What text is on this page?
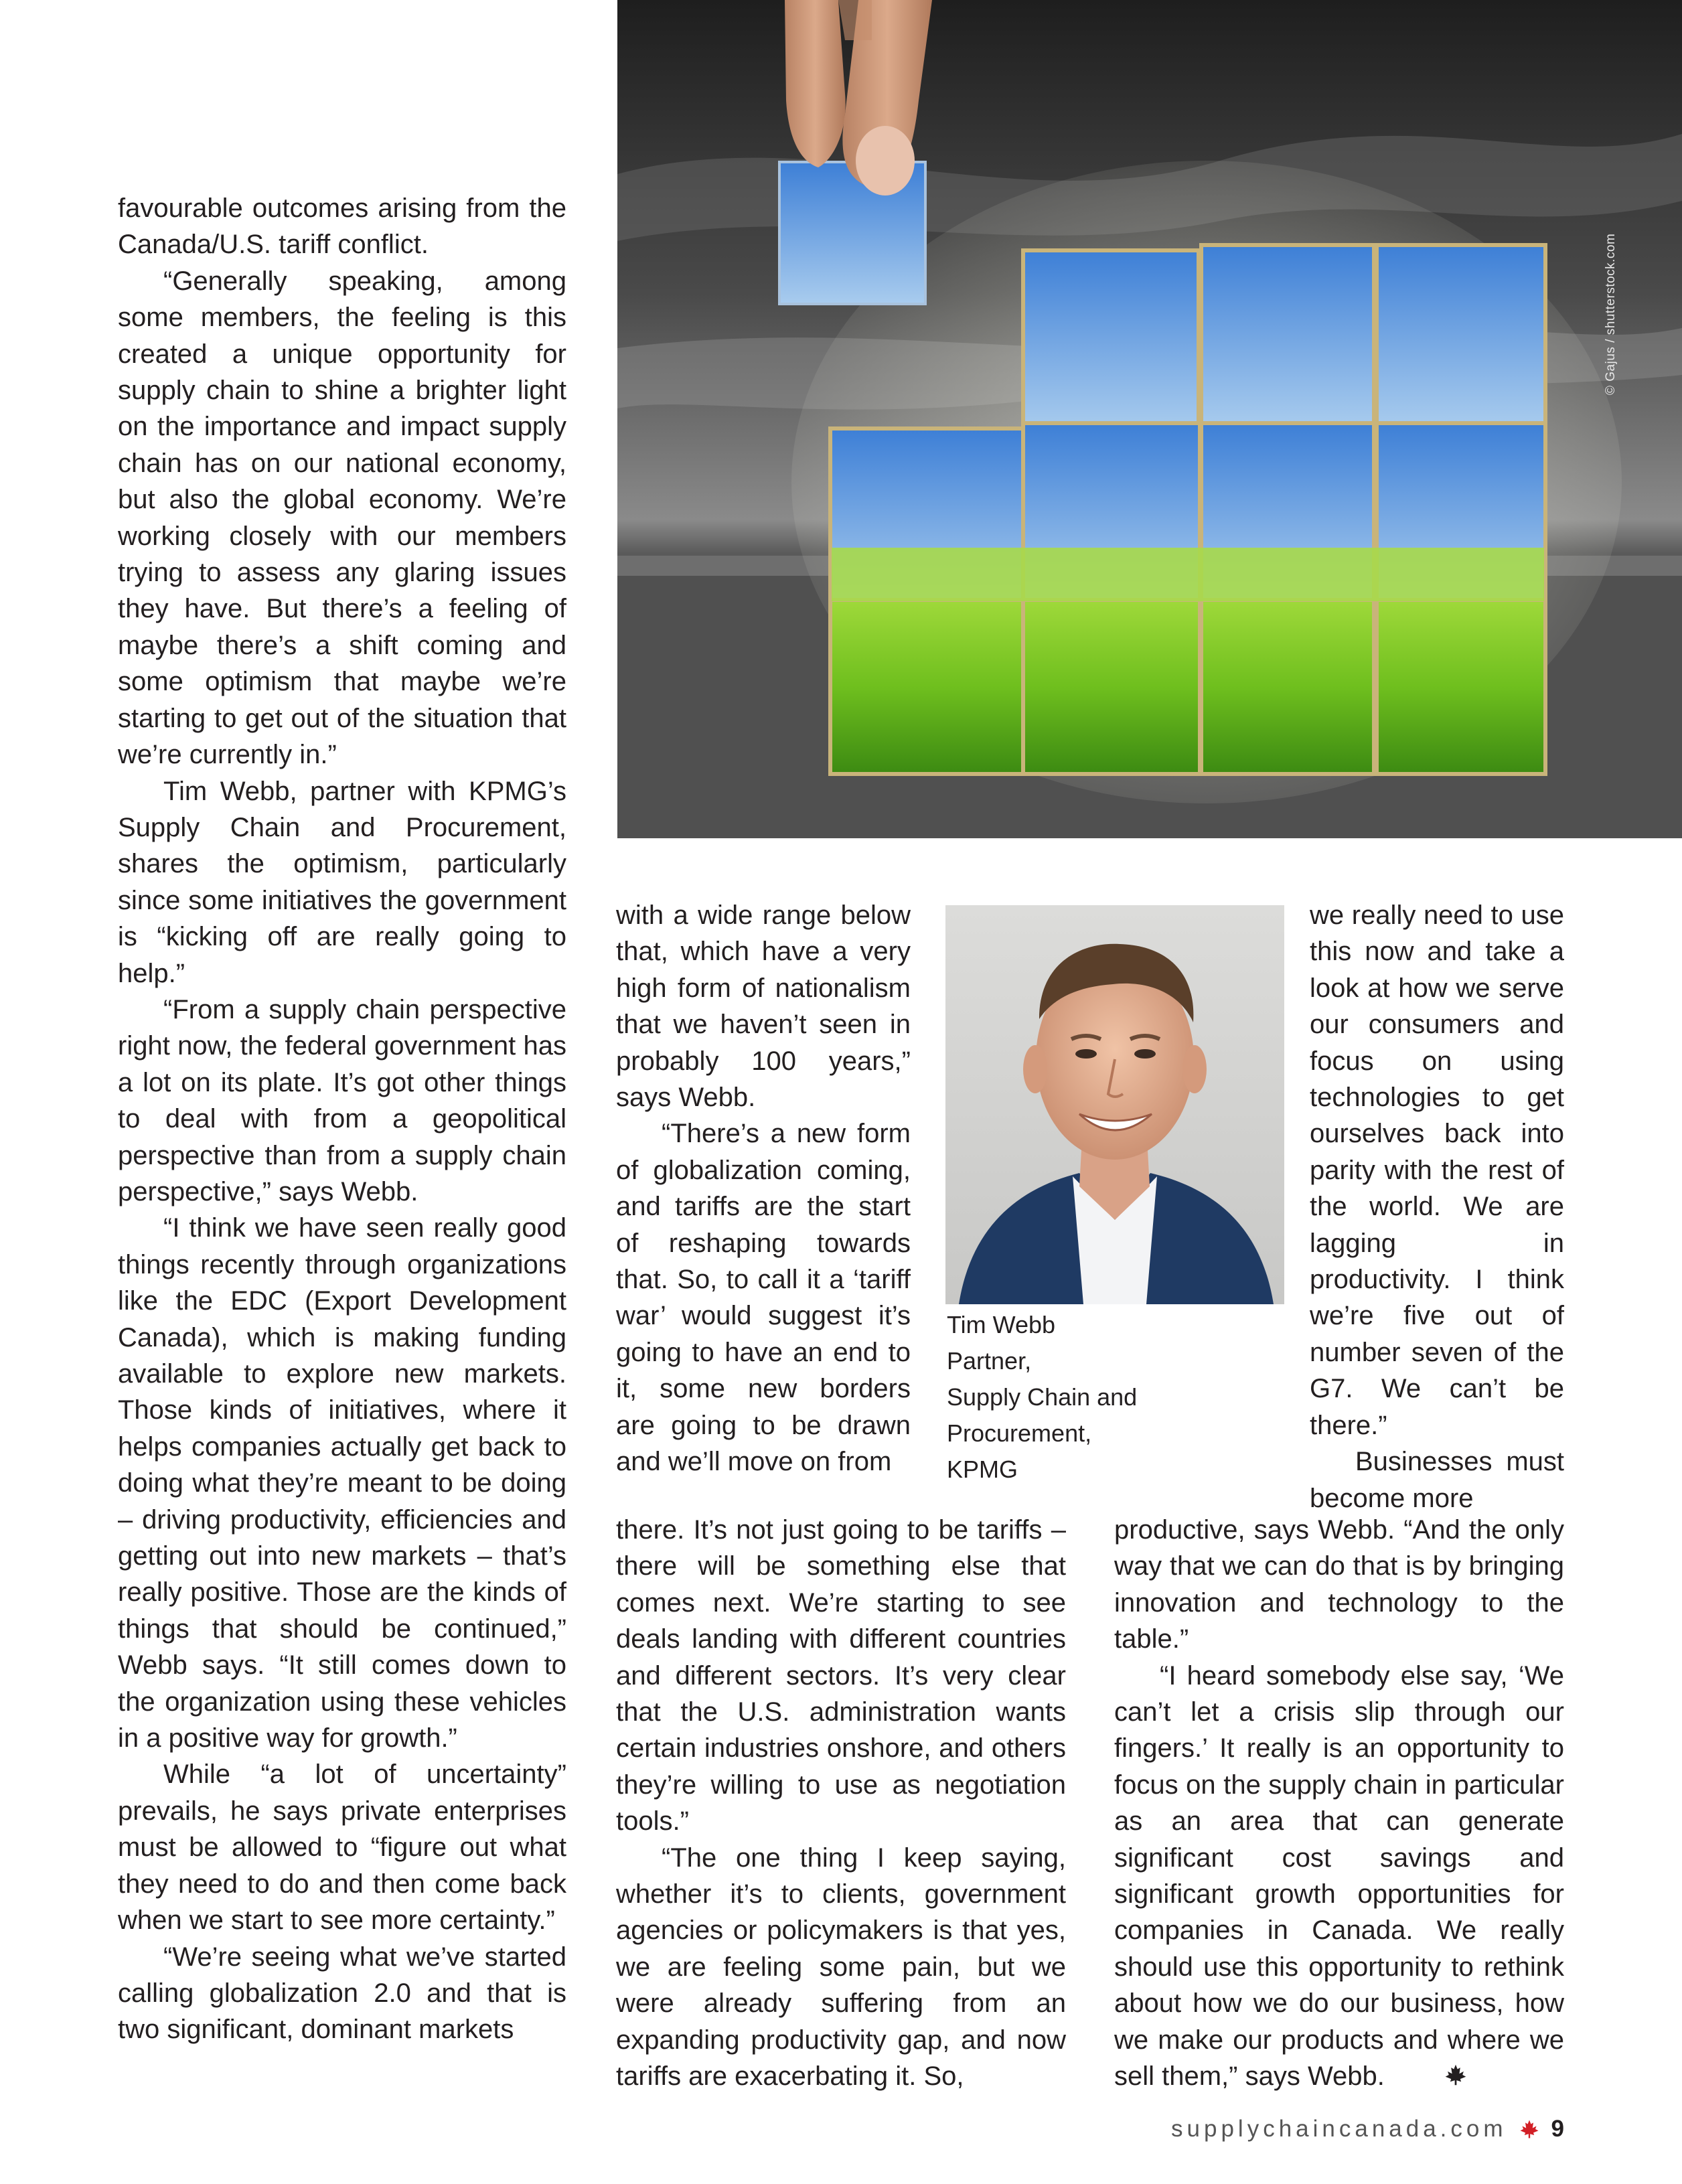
© Gajus / shutterstock.com

favourable outcomes arising from the Canada/U.S. tariff conflict.

“Generally speaking, among some members, the feeling is this created a unique opportunity for supply chain to shine a brighter light on the importance and impact supply chain has on our national economy, but also the global economy. We’re working closely with our members trying to assess any glaring issues they have. But there’s a feeling of maybe there’s a shift coming and some optimism that maybe we’re starting to get out of the situation that we’re currently in.”

Tim Webb, partner with KPMG’s Supply Chain and Procurement, shares the optimism, particularly since some initiatives the government is “kicking off are really going to help.”

“From a supply chain perspective right now, the federal government has a lot on its plate. It’s got other things to deal with from a geopolitical perspective than from a supply chain perspective,” says Webb.

“I think we have seen really good things recently through organizations like the EDC (Export Development Canada), which is making funding available to explore new markets. Those kinds of initiatives, where it helps companies actually get back to doing what they’re meant to be doing – driving productivity, efficiencies and getting out into new markets – that’s really positive. Those are the kinds of things that should be continued,” Webb says. “It still comes down to the organization using these vehicles in a positive way for growth.”

While “a lot of uncertainty” prevails, he says private enterprises must be allowed to “figure out what they need to do and then come back when we start to see more certainty.”

“We’re seeing what we’ve started calling globalization 2.0 and that is two significant, dominant markets

with a wide range below that, which have a very high form of nationalism that we haven’t seen in probably 100 years,” says Webb.

“There’s a new form of globalization coming, and tariffs are the start of reshaping towards that. So, to call it a ‘tariff war’ would suggest it’s going to have an end to it, some new borders are going to be drawn and we’ll move on from

Tim Webb
Partner,
Supply Chain and
Procurement,
KPMG

we really need to use this now and take a look at how we serve our consumers and focus on using technologies to get ourselves back into parity with the rest of the world. We are lagging in productivity. I think we’re five out of number seven of the G7. We can’t be there.”

Businesses must become more

there. It’s not just going to be tariffs – there will be something else that comes next. We’re starting to see deals landing with different countries and different sectors. It’s very clear that the U.S. administration wants certain industries onshore, and others they’re willing to use as negotiation tools.”

“The one thing I keep saying, whether it’s to clients, government agencies or policymakers is that yes, we are feeling some pain, but we were already suffering from an expanding productivity gap, and now tariffs are exacerbating it. So,

productive, says Webb. “And the only way that we can do that is by bringing innovation and technology to the table.”

“I heard somebody else say, ‘We can’t let a crisis slip through our fingers.’ It really is an opportunity to focus on the supply chain in particular as an area that can generate significant cost savings and significant growth opportunities for companies in Canada. We really should use this opportunity to rethink about how we do our business, how we make our products and where we sell them,” says Webb.

supplychaincanada.com 9
